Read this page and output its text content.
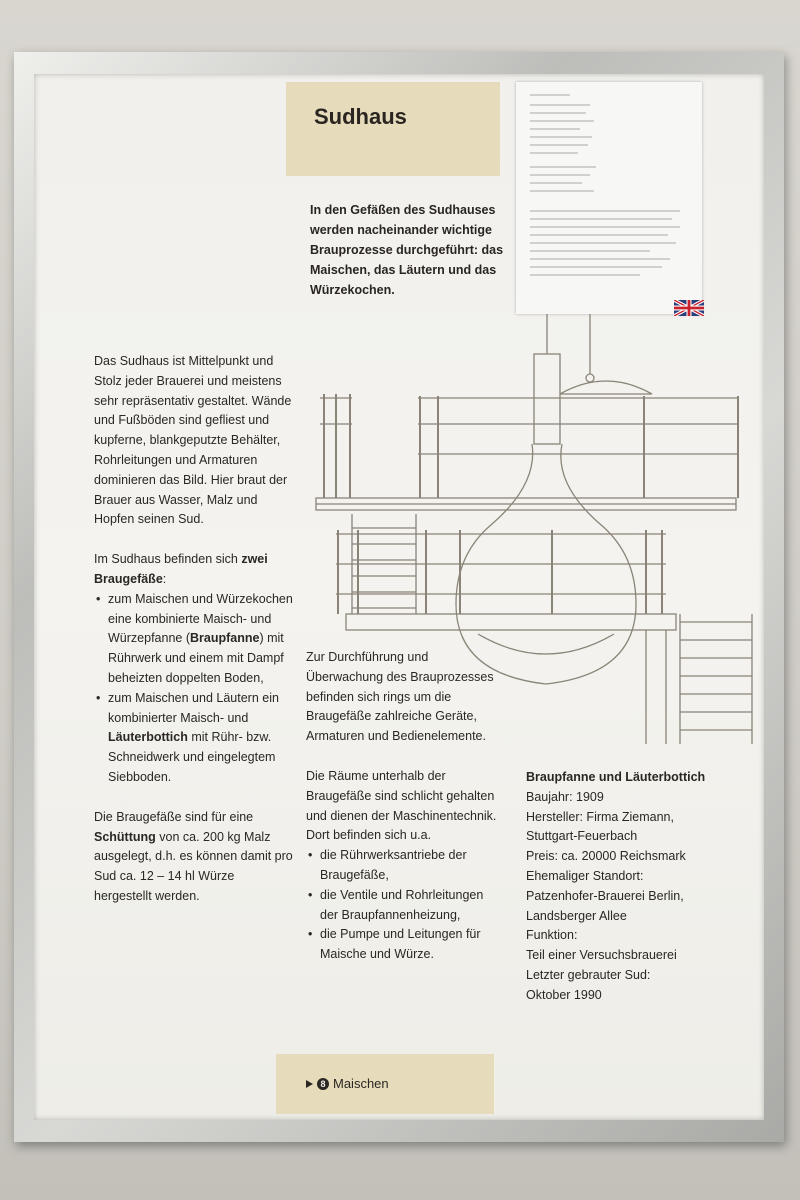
Sudhaus
In den Gefäßen des Sudhauses werden nacheinander wichtige Brauprozesse durchgeführt: das Maischen, das Läutern und das Würzekochen.

Das Sudhaus ist Mittelpunkt und Stolz jeder Brauerei und meistens sehr repräsentativ gestaltet. Wände und Fußböden sind gefliest und kupferne, blankgeputzte Behälter, Rohrleitungen und Armaturen dominieren das Bild. Hier braut der Brauer aus Wasser, Malz und Hopfen seinen Sud.

Im Sudhaus befinden sich zwei Braugefäße:

• zum Maischen und Würzekochen eine kombinierte Maisch- und Würzepfanne (Braupfanne) mit Rührwerk und einem mit Dampf beheizten doppelten Boden,
• zum Maischen und Läutern ein kombinierter Maisch- und Läuterbottich mit Rühr- bzw. Schneidwerk und eingelegtem Siebboden.

Die Braugefäße sind für eine Schüttung von ca. 200 kg Malz ausgelegt, d.h. es können damit pro Sud ca. 12 – 14 hl Würze hergestellt werden.

Zur Durchführung und Überwachung des Brauprozesses befinden sich rings um die Braugefäße zahlreiche Geräte, Armaturen und Bedienelemente.

Die Räume unterhalb der Braugefäße sind schlicht gehalten und dienen der Maschinentechnik. Dort befinden sich u.a.

• die Rührwerksantriebe der Braugefäße,
• die Ventile und Rohrleitungen der Braupfannenheizung,
• die Pumpe und Leitungen für Maische und Würze.

Braupfanne und Läuterbottich

Baujahr: 1909

Hersteller: Firma Ziemann,

Stuttgart-Feuerbach

Preis: ca. 20000 Reichsmark

Ehemaliger Standort:

Patzenhofer-Brauerei Berlin,

Landsberger Allee

Funktion:

Teil einer Versuchsbrauerei

Letzter gebrauter Sud:

Oktober 1990

8 Maischen
